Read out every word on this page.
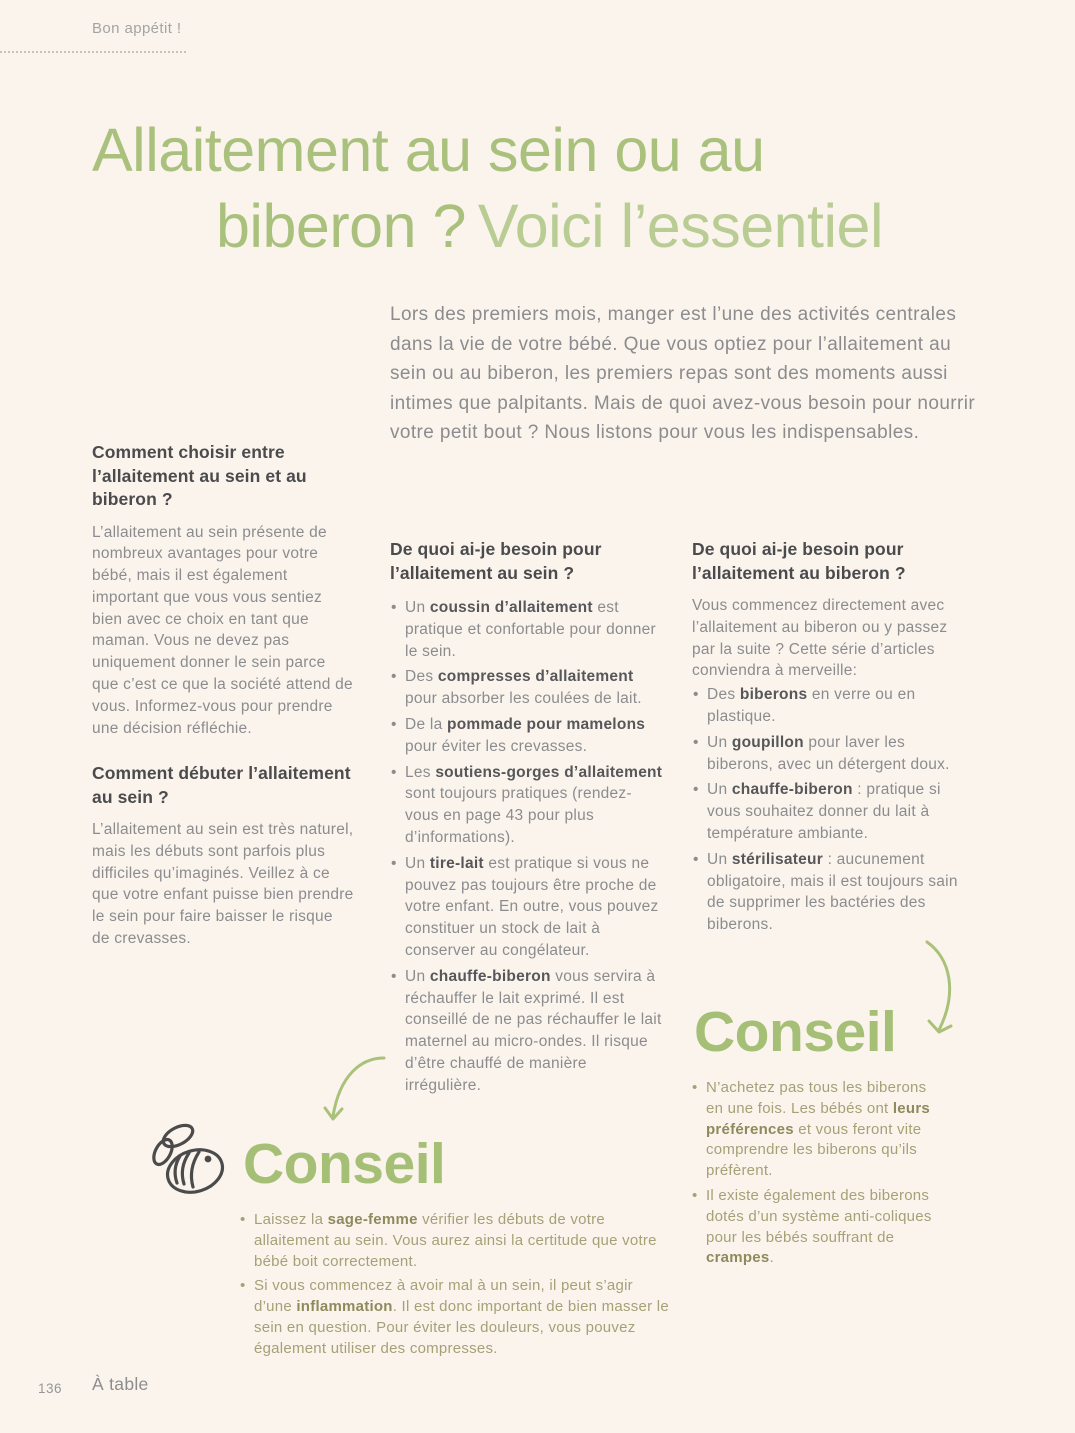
Bon appétit !
Allaitement au sein ou au
biberon ? Voici l’essentiel

Lors des premiers mois, manger est l’une des activités centrales dans la vie de votre bébé. Que vous optiez pour l’allaitement au sein ou au biberon, les premiers repas sont des moments aussi intimes que palpitants. Mais de quoi avez-vous besoin pour nourrir votre petit bout ? Nous listons pour vous les indispensables.

Comment choisir entre l’allaitement au sein et au biberon ?

L’allaitement au sein présente de nombreux avantages pour votre bébé, mais il est également important que vous vous sentiez bien avec ce choix en tant que maman. Vous ne devez pas uniquement donner le sein parce que c’est ce que la société attend de vous. Informez-vous pour prendre une décision réfléchie.

Comment débuter l’allaitement au sein ?

L’allaitement au sein est très naturel, mais les débuts sont parfois plus difficiles qu’imaginés. Veillez à ce que votre enfant puisse bien prendre le sein pour faire baisser le risque de crevasses.

De quoi ai-je besoin pour l’allaitement au sein ?
• Un coussin d’allaitement est pratique et confortable pour donner le sein.
• Des compresses d’allaitement pour absorber les coulées de lait.
• De la pommade pour mamelons pour éviter les crevasses.
• Les soutiens-gorges d’allaitement sont toujours pratiques (rendez-vous en page 43 pour plus d’informations).
• Un tire-lait est pratique si vous ne pouvez pas toujours être proche de votre enfant. En outre, vous pouvez constituer un stock de lait à conserver au congélateur.
• Un chauffe-biberon vous servira à réchauffer le lait exprimé. Il est conseillé de ne pas réchauffer le lait maternel au micro-ondes. Il risque d’être chauffé de manière irrégulière.
De quoi ai-je besoin pour l’allaitement au biberon ?

Vous commencez directement avec l’allaitement au biberon ou y passez par la suite ? Cette série d’articles conviendra à merveille:

• Des biberons en verre ou en plastique.
• Un goupillon pour laver les biberons, avec un détergent doux.
• Un chauffe-biberon : pratique si vous souhaitez donner du lait à température ambiante.
• Un stérilisateur : aucunement obligatoire, mais il est toujours sain de supprimer les bactéries des biberons.
Conseil
• N’achetez pas tous les biberons en une fois. Les bébés ont leurs préférences et vous feront vite comprendre les biberons qu’ils préfèrent.
• Il existe également des biberons dotés d’un système anti-coliques pour les bébés souffrant de crampes.
Conseil
• Laissez la sage-femme vérifier les débuts de votre allaitement au sein. Vous aurez ainsi la certitude que votre bébé boit correctement.
• Si vous commencez à avoir mal à un sein, il peut s’agir d’une inflammation. Il est donc important de bien masser le sein en question. Pour éviter les douleurs, vous pouvez également utiliser des compresses.
136 À table
